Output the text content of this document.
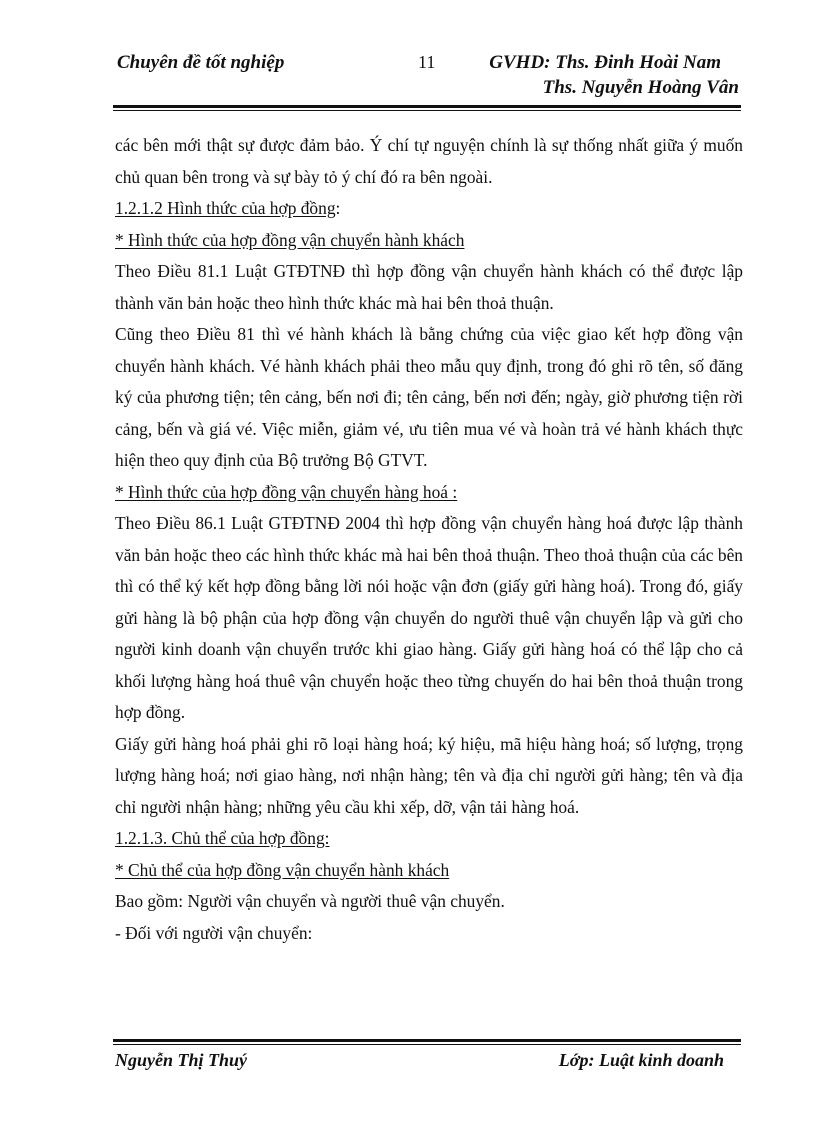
Chuyên đề tốt nghiệp	11	GVHD: Ths. Đinh Hoài Nam
Ths. Nguyễn Hoàng Vân

các bên mới thật sự được đảm bảo. Ý chí tự nguyện chính là sự thống nhất giữa ý muốn chủ quan bên trong và sự bày tỏ ý chí đó ra bên ngoài.

1.2.1.2 Hình thức của hợp đồng:

* Hình thức của hợp đồng vận chuyển hành khách

Theo Điều 81.1 Luật GTĐTNĐ thì hợp đồng vận chuyển hành khách có thể được lập thành văn bản hoặc theo hình thức khác mà hai bên thoả thuận.

Cũng theo Điều 81 thì vé hành khách là bằng chứng của việc giao kết hợp đồng vận chuyển hành khách. Vé hành khách phải theo mẫu quy định, trong đó ghi rõ tên, số đăng ký của phương tiện; tên cảng, bến nơi đi; tên cảng, bến nơi đến; ngày, giờ phương tiện rời cảng, bến và giá vé. Việc miễn, giảm vé, ưu tiên mua vé và hoàn trả vé hành khách thực hiện theo quy định của Bộ trưởng Bộ GTVT.

* Hình thức của hợp đồng vận chuyển hàng hoá :

Theo Điều 86.1 Luật GTĐTNĐ 2004 thì hợp đồng vận chuyển hàng hoá được lập thành văn bản hoặc theo các hình thức khác mà hai bên thoả thuận. Theo thoả thuận của các bên thì có thể ký kết hợp đồng bằng lời nói hoặc vận đơn (giấy gửi hàng hoá). Trong đó, giấy gửi hàng là bộ phận của hợp đồng vận chuyển do người thuê vận chuyển lập và gửi cho người kinh doanh vận chuyển trước khi giao hàng. Giấy gửi hàng hoá có thể lập cho cả khối lượng hàng hoá thuê vận chuyển hoặc theo từng chuyến do hai bên thoả thuận trong hợp đồng.

Giấy gửi hàng hoá phải ghi rõ loại hàng hoá; ký hiệu, mã hiệu hàng hoá; số lượng, trọng lượng hàng hoá; nơi giao hàng, nơi nhận hàng; tên và địa chỉ người gửi hàng; tên và địa chỉ người nhận hàng; những yêu cầu khi xếp, dỡ, vận tải hàng hoá.

1.2.1.3. Chủ thể của hợp đồng:

* Chủ thể của hợp đồng vận chuyển hành khách

Bao gồm: Người vận chuyển và người thuê vận chuyển.

- Đối với người vận chuyển:

Nguyễn Thị Thuý	Lớp: Luật kinh doanh
